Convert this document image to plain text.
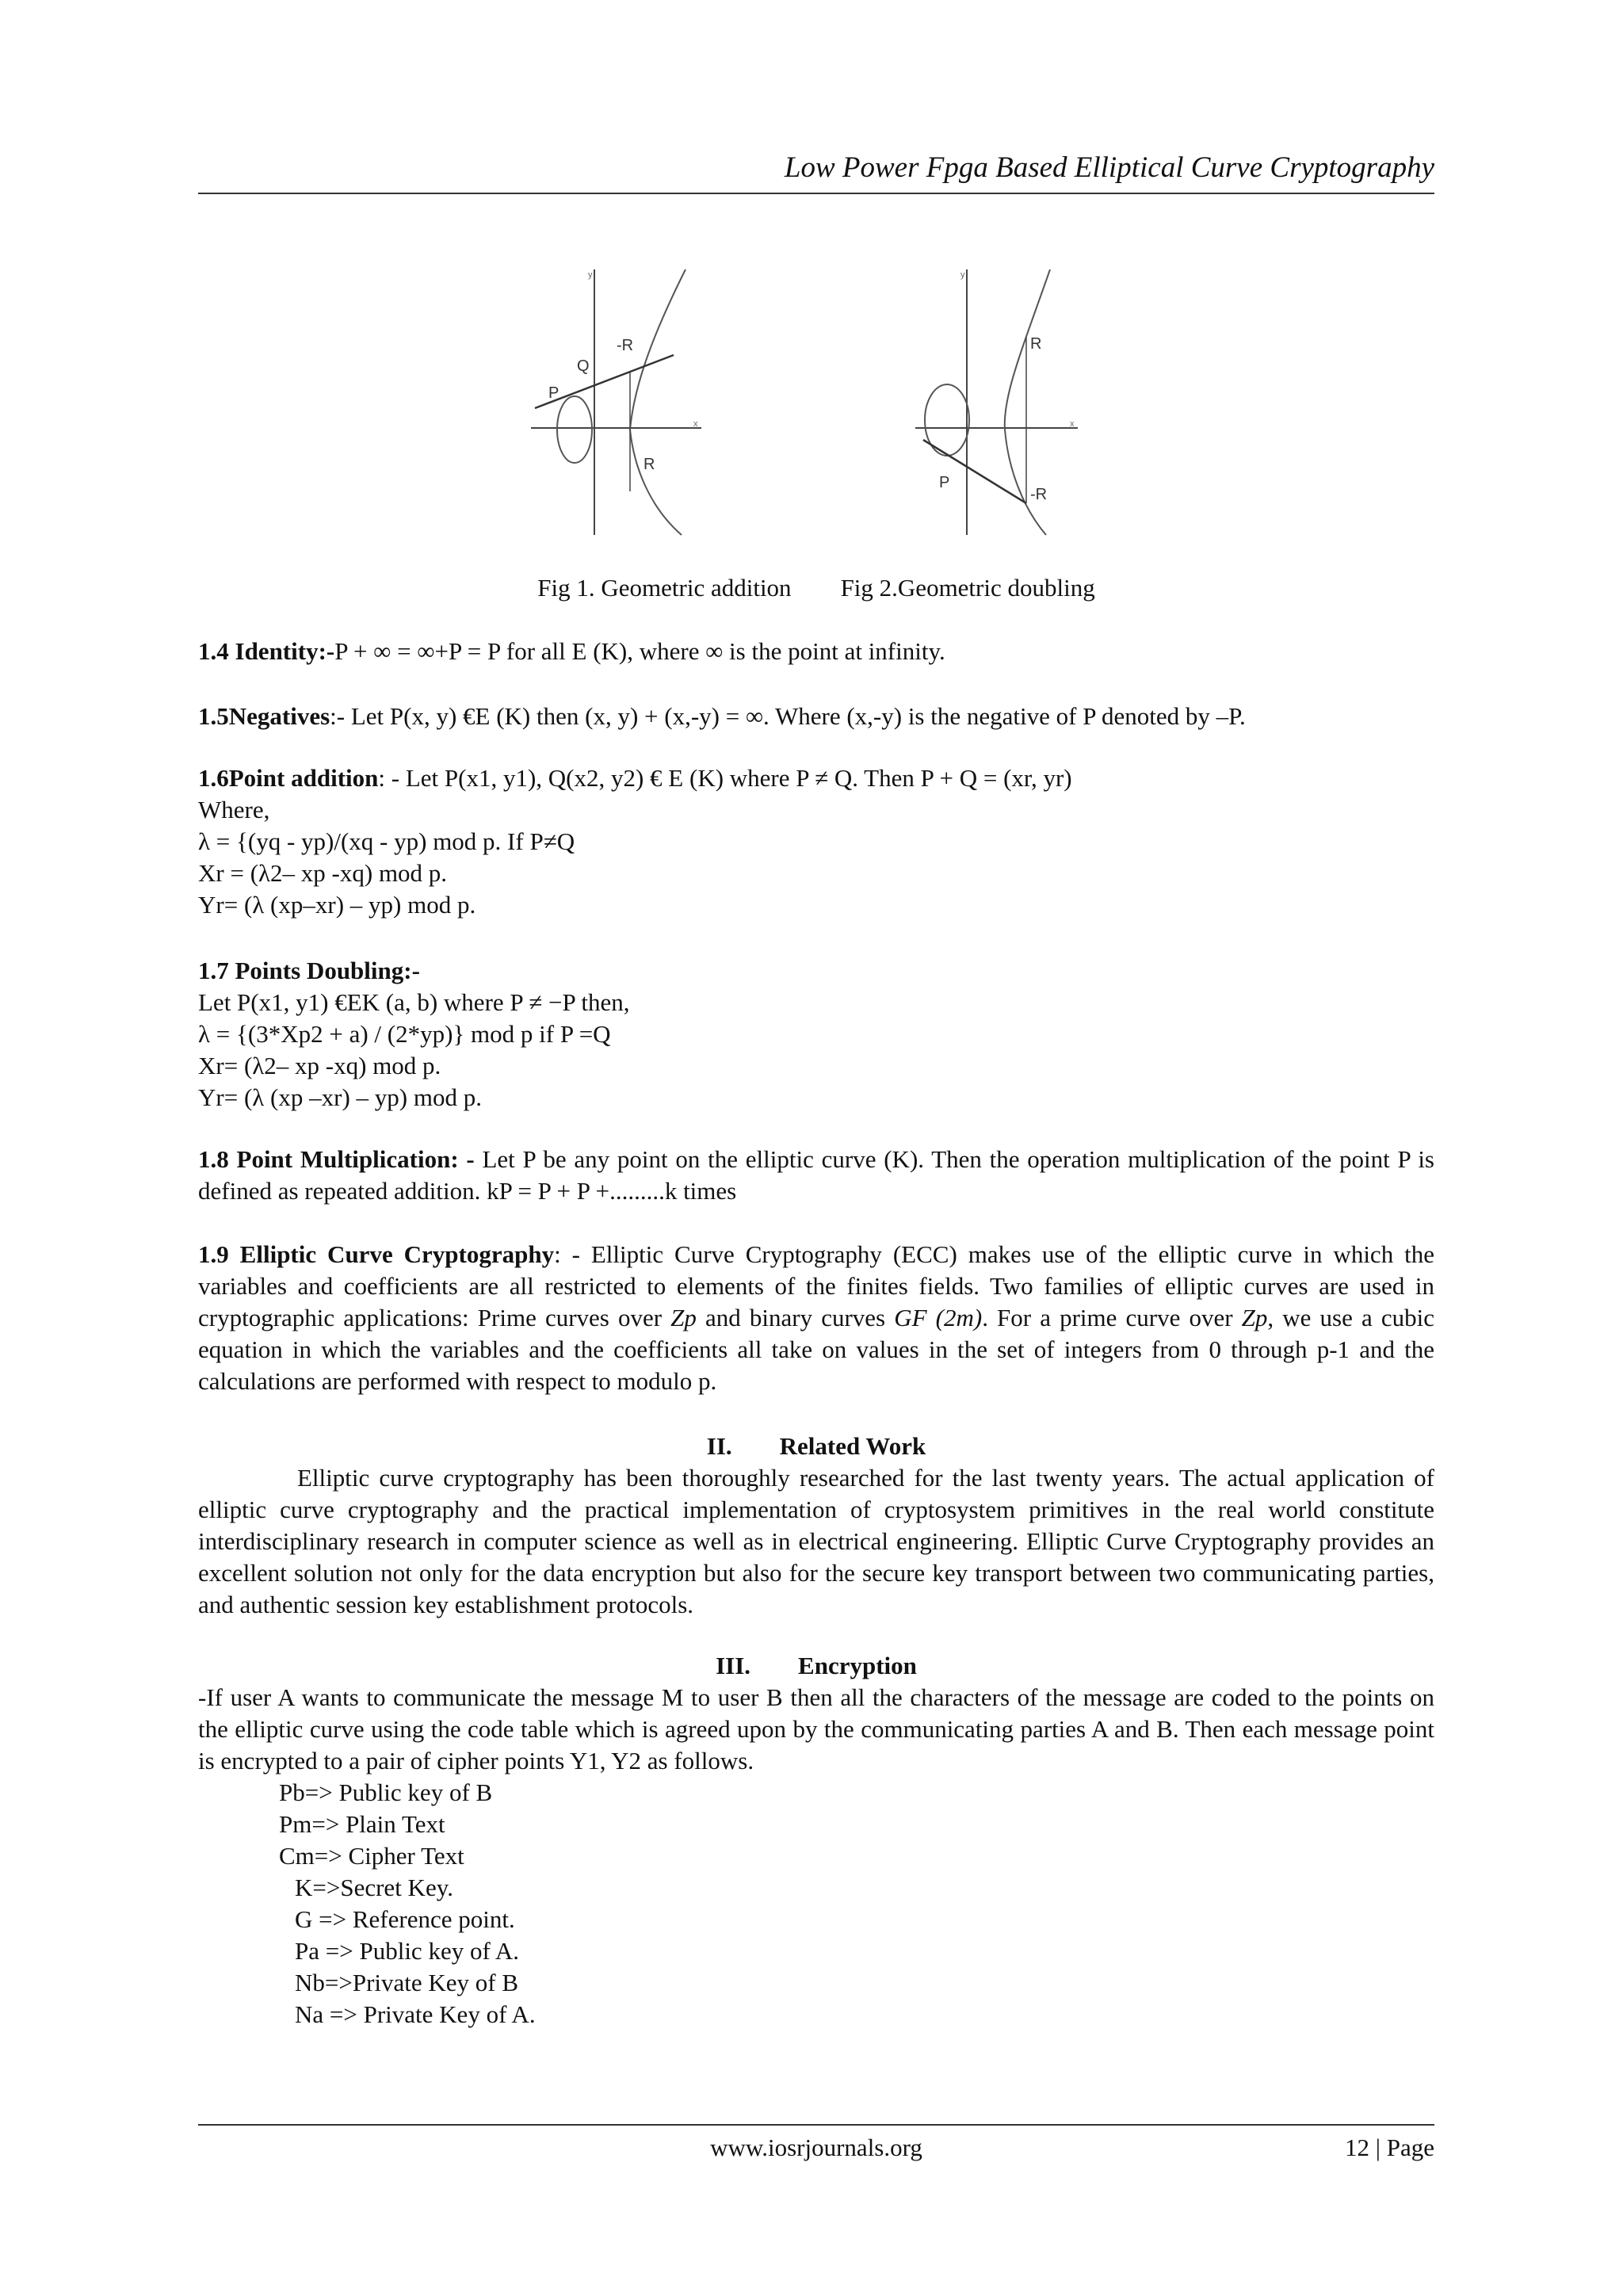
Low Power Fpga Based Elliptical Curve Cryptography
y
x
Q
P
-R
R
y
x
R
P
-R
Fig 1. Geometric addition Fig 2.Geometric doubling

1.4 Identity:-P + ∞ = ∞+P = P for all E (K), where ∞ is the point at infinity.

1.5Negatives:- Let P(x, y) €E (K) then (x, y) + (x,-y) = ∞. Where (x,-y) is the negative of P denoted by –P.

1.6Point addition: - Let P(x1, y1), Q(x2, y2) € E (K) where P ≠ Q. Then P + Q = (xr, yr)
Where,
λ = {(yq - yp)/(xq - yp) mod p. If P≠Q
Xr = (λ2– xp -xq) mod p.
Yr= (λ (xp–xr) – yp) mod p.
1.7 Points Doubling:-
Let P(x1, y1) €EK (a, b) where P ≠ −P then,
λ = {(3*Xp2 + a) / (2*yp)} mod p if P =Q
Xr= (λ2– xp -xq) mod p.
Yr= (λ (xp –xr) – yp) mod p.

1.8 Point Multiplication: - Let P be any point on the elliptic curve (K). Then the operation multiplication of the point P is defined as repeated addition. kP = P + P +.........k times

1.9 Elliptic Curve Cryptography: - Elliptic Curve Cryptography (ECC) makes use of the elliptic curve in which the variables and coefficients are all restricted to elements of the finites fields. Two families of elliptic curves are used in cryptographic applications: Prime curves over Zp and binary curves GF (2m). For a prime curve over Zp, we use a cubic equation in which the variables and the coefficients all take on values in the set of integers from 0 through p-1 and the calculations are performed with respect to modulo p.

II. Related Work

Elliptic curve cryptography has been thoroughly researched for the last twenty years. The actual application of elliptic curve cryptography and the practical implementation of cryptosystem primitives in the real world constitute interdisciplinary research in computer science as well as in electrical engineering. Elliptic Curve Cryptography provides an excellent solution not only for the data encryption but also for the secure key transport between two communicating parties, and authentic session key establishment protocols.

III. Encryption

-If user A wants to communicate the message M to user B then all the characters of the message are coded to the points on the elliptic curve using the code table which is agreed upon by the communicating parties A and B. Then each message point is encrypted to a pair of cipher points Y1, Y2 as follows.

Pb=> Public key of B
Pm=> Plain Text
Cm=> Cipher Text
K=>Secret Key.
G => Reference point.
Pa => Public key of A.
Nb=>Private Key of B
Na => Private Key of A.
www.iosrjournals.org	12 | Page
